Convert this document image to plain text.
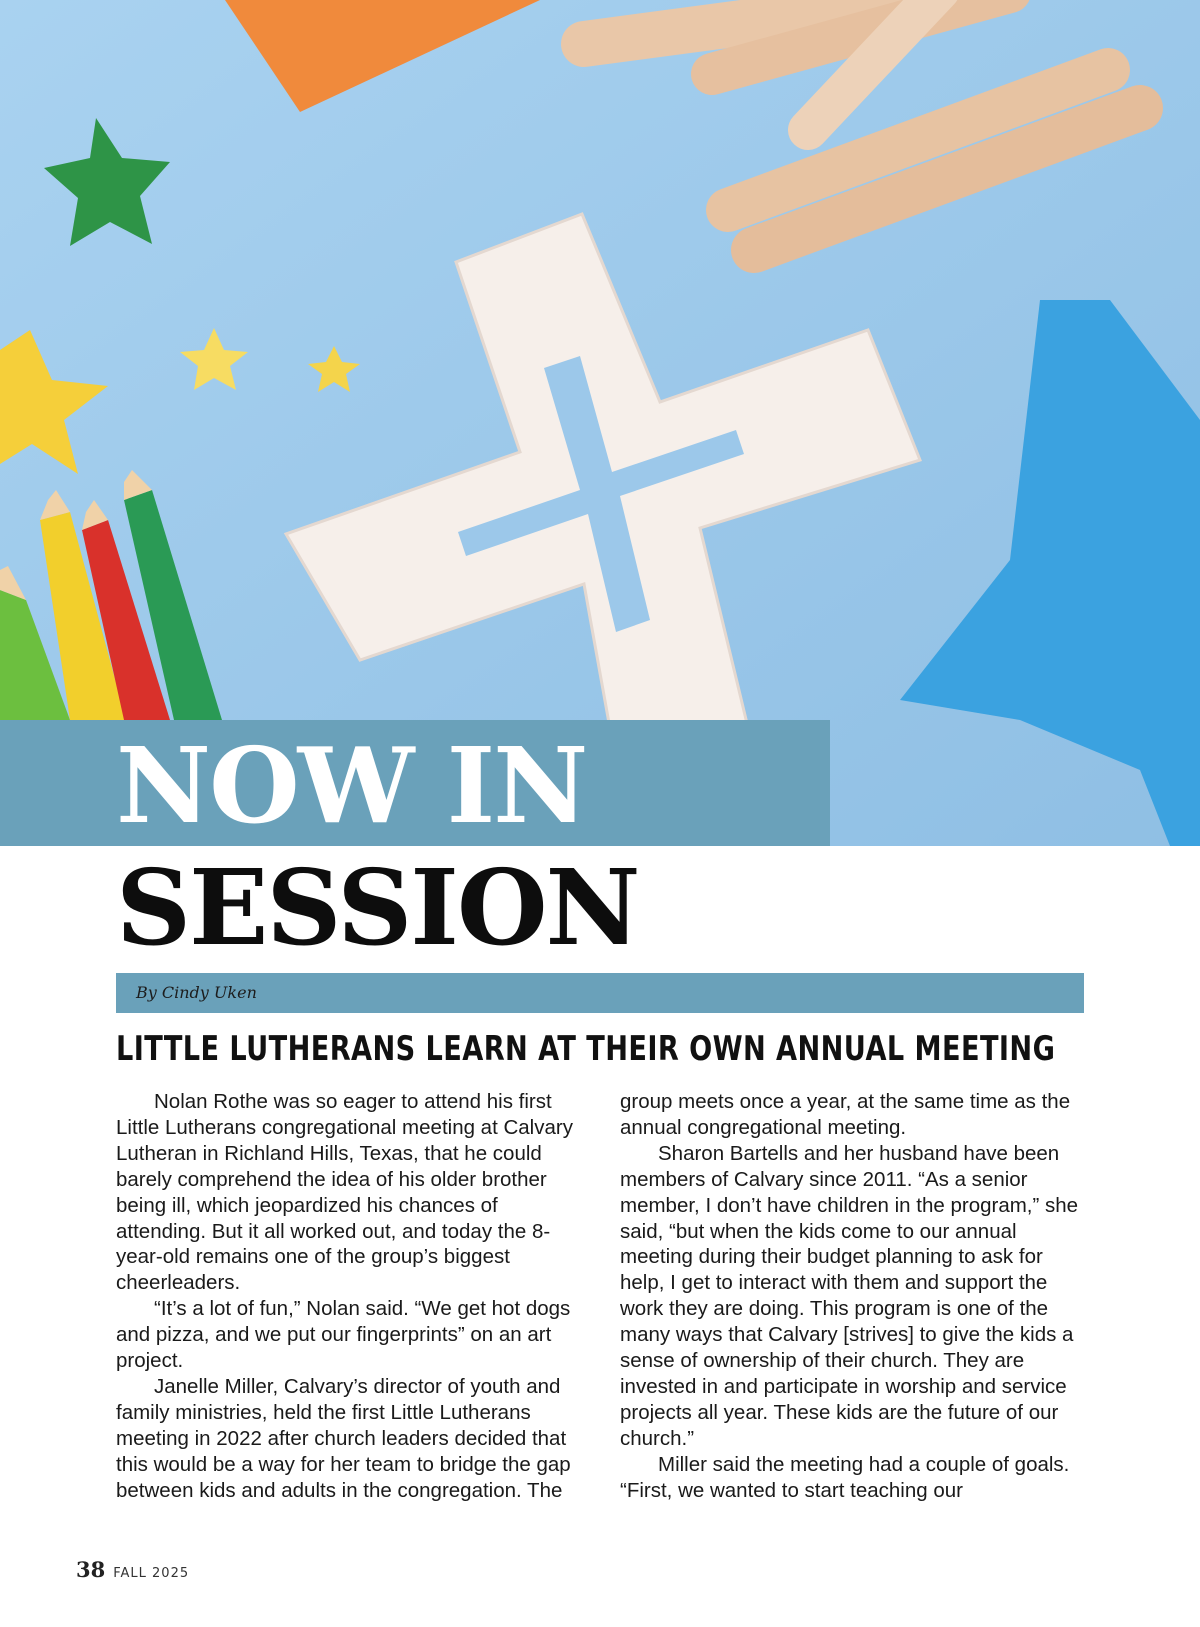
NOW IN
SESSION
By Cindy Uken
LITTLE LUTHERANS LEARN AT THEIR OWN ANNUAL MEETING

Nolan Rothe was so eager to attend his first Little Lutherans congregational meeting at Calvary Lutheran in Richland Hills, Texas, that he could barely comprehend the idea of his older brother being ill, which jeopardized his chances of attending. But it all worked out, and today the 8-year-old remains one of the group’s biggest cheerleaders.

“It’s a lot of fun,” Nolan said. “We get hot dogs and pizza, and we put our fingerprints” on an art project.

Janelle Miller, Calvary’s director of youth and family ministries, held the first Little Lutherans meeting in 2022 after church leaders decided that this would be a way for her team to bridge the gap between kids and adults in the congregation. The

group meets once a year, at the same time as the annual congregational meeting.

Sharon Bartells and her husband have been members of Calvary since 2011. “As a senior member, I don’t have children in the program,” she said, “but when the kids come to our annual meeting during their budget planning to ask for help, I get to interact with them and support the work they are doing. This program is one of the many ways that Calvary [strives] to give the kids a sense of ownership of their church. They are invested in and participate in worship and service projects all year. These kids are the future of our church.”

Miller said the meeting had a couple of goals. “First, we wanted to start teaching our

38 FALL 2025
